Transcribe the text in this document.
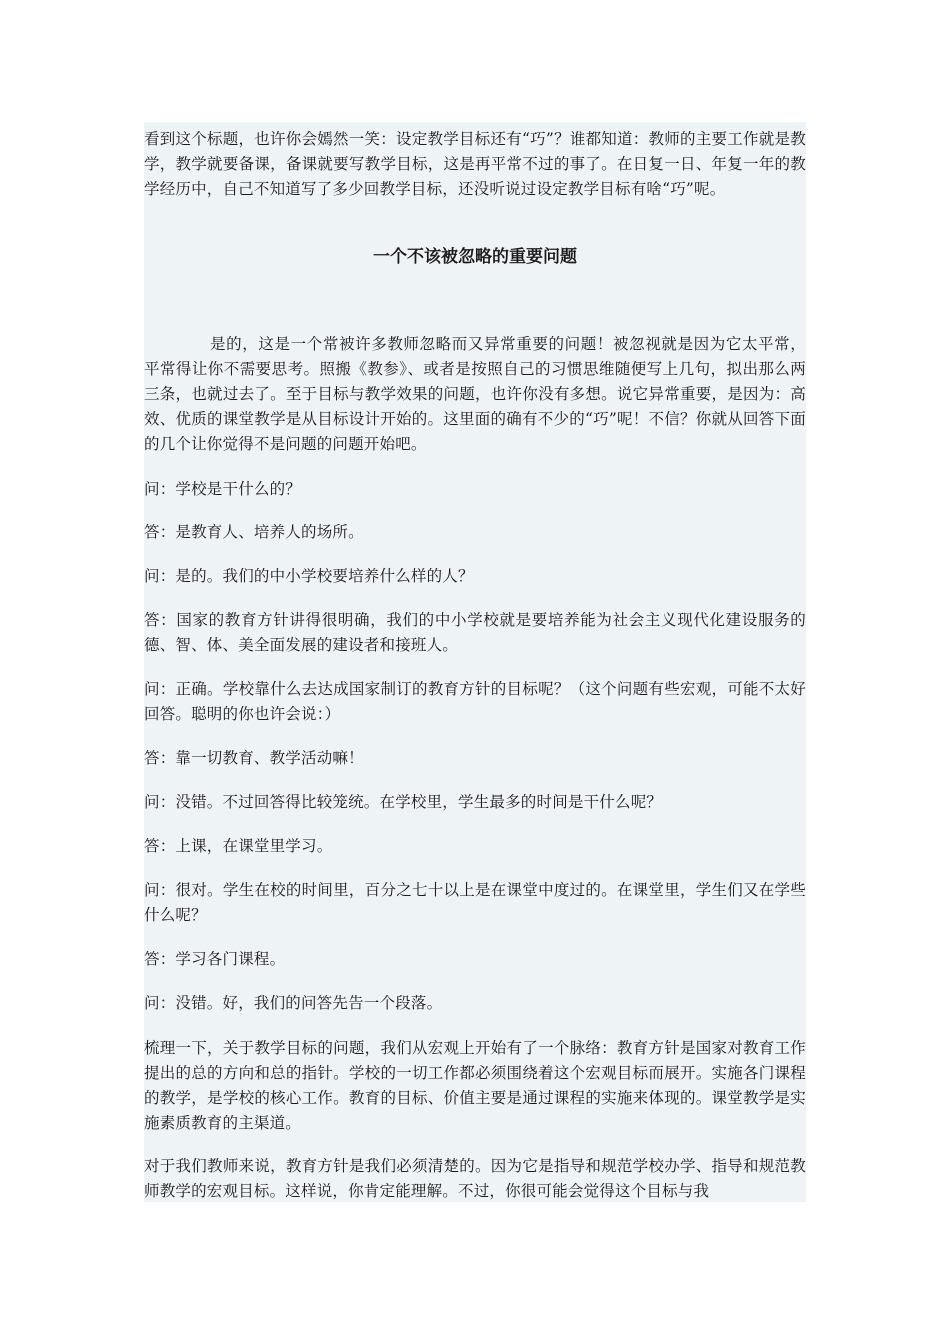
看到这个标题，也许你会嫣然一笑：设定教学目标还有“巧”？谁都知道：教师的主要工作就是教学，教学就要备课，备课就要写教学目标，这是再平常不过的事了。在日复一日、年复一年的教学经历中，自己不知道写了多少回教学目标，还没听说过设定教学目标有啥“巧”呢。

一个不该被忽略的重要问题

是的，这是一个常被许多教师忽略而又异常重要的问题！被忽视就是因为它太平常，平常得让你不需要思考。照搬《教参》、或者是按照自己的习惯思维随便写上几句，拟出那么两三条，也就过去了。至于目标与教学效果的问题，也许你没有多想。说它异常重要，是因为：高效、优质的课堂教学是从目标设计开始的。这里面的确有不少的“巧”呢！不信？你就从回答下面的几个让你觉得不是问题的问题开始吧。

问：学校是干什么的？

答：是教育人、培养人的场所。

问：是的。我们的中小学校要培养什么样的人？

答：国家的教育方针讲得很明确，我们的中小学校就是要培养能为社会主义现代化建设服务的德、智、体、美全面发展的建设者和接班人。

问：正确。学校靠什么去达成国家制订的教育方针的目标呢？（这个问题有些宏观，可能不太好回答。聪明的你也许会说：）

答：靠一切教育、教学活动嘛！

问：没错。不过回答得比较笼统。在学校里，学生最多的时间是干什么呢？

答：上课，在课堂里学习。

问：很对。学生在校的时间里，百分之七十以上是在课堂中度过的。在课堂里，学生们又在学些什么呢？

答：学习各门课程。

问：没错。好，我们的问答先告一个段落。

梳理一下，关于教学目标的问题，我们从宏观上开始有了一个脉络：教育方针是国家对教育工作提出的总的方向和总的指针。学校的一切工作都必须围绕着这个宏观目标而展开。实施各门课程的教学，是学校的核心工作。教育的目标、价值主要是通过课程的实施来体现的。课堂教学是实施素质教育的主渠道。

对于我们教师来说，教育方针是我们必须清楚的。因为它是指导和规范学校办学、指导和规范教师教学的宏观目标。这样说，你肯定能理解。不过，你很可能会觉得这个目标与我
